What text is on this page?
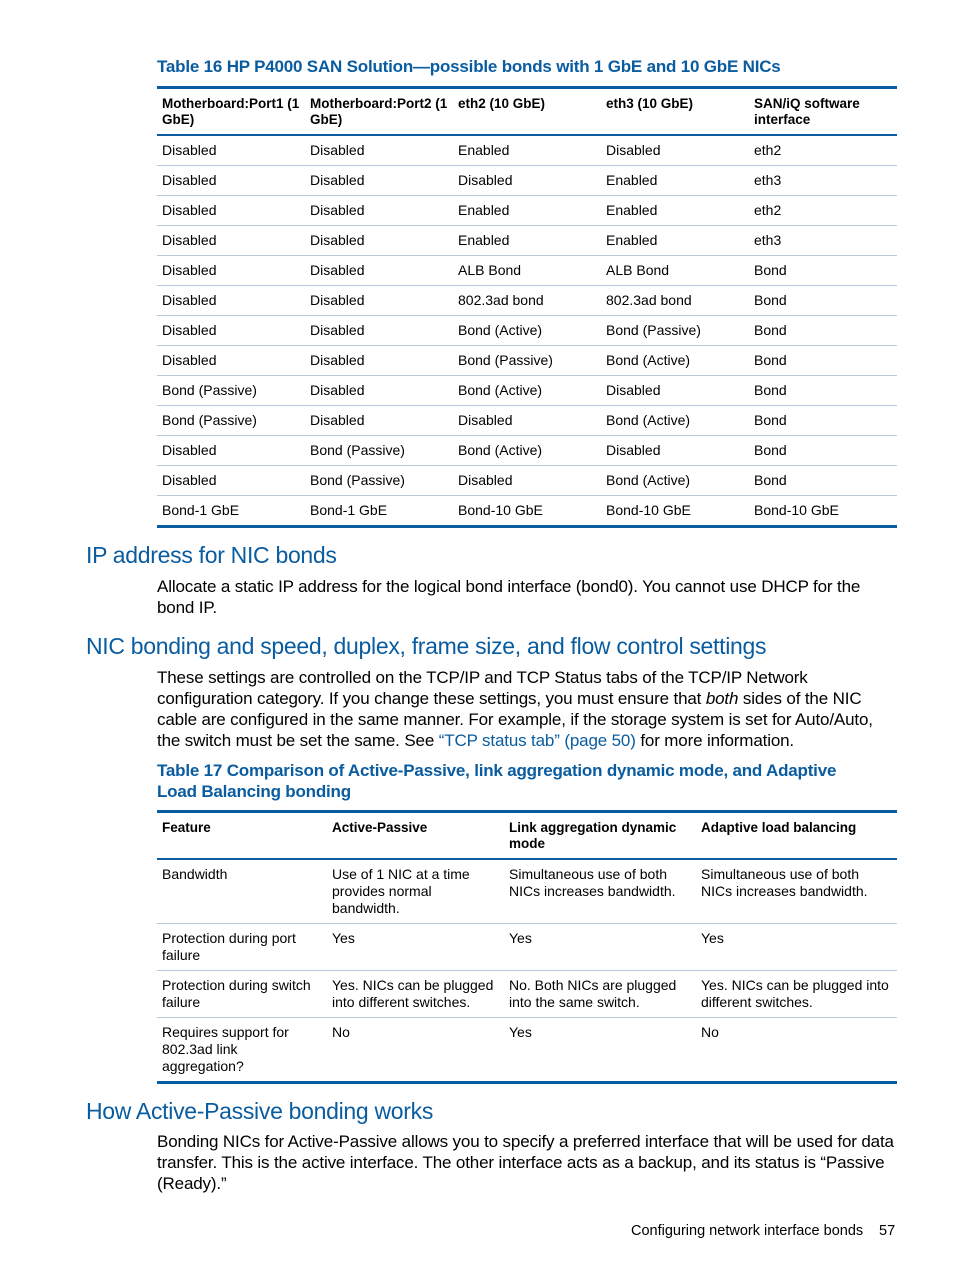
Table 16 HP P4000 SAN Solution—possible bonds with 1 GbE and 10 GbE NICs
Motherboard:Port1 (1 GbE)	Motherboard:Port2 (1 GbE)	eth2 (10 GbE)	eth3 (10 GbE)	SAN/iQ software interface
Disabled	Disabled	Enabled	Disabled	eth2
Disabled	Disabled	Disabled	Enabled	eth3
Disabled	Disabled	Enabled	Enabled	eth2
Disabled	Disabled	Enabled	Enabled	eth3
Disabled	Disabled	ALB Bond	ALB Bond	Bond
Disabled	Disabled	802.3ad bond	802.3ad bond	Bond
Disabled	Disabled	Bond (Active)	Bond (Passive)	Bond
Disabled	Disabled	Bond (Passive)	Bond (Active)	Bond
Bond (Passive)	Disabled	Bond (Active)	Disabled	Bond
Bond (Passive)	Disabled	Disabled	Bond (Active)	Bond
Disabled	Bond (Passive)	Bond (Active)	Disabled	Bond
Disabled	Bond (Passive)	Disabled	Bond (Active)	Bond
Bond-1 GbE	Bond-1 GbE	Bond-10 GbE	Bond-10 GbE	Bond-10 GbE
IP address for NIC bonds
Allocate a static IP address for the logical bond interface (bond0). You cannot use DHCP for the bond IP.
NIC bonding and speed, duplex, frame size, and flow control settings
These settings are controlled on the TCP/IP and TCP Status tabs of the TCP/IP Network configuration category. If you change these settings, you must ensure that both sides of the NIC cable are configured in the same manner. For example, if the storage system is set for Auto/Auto, the switch must be set the same. See “TCP status tab” (page 50) for more information.
Table 17 Comparison of Active-Passive, link aggregation dynamic mode, and Adaptive Load Balancing bonding
Feature	Active-Passive	Link aggregation dynamic mode	Adaptive load balancing
Bandwidth	Use of 1 NIC at a time provides normal bandwidth.	Simultaneous use of both NICs increases bandwidth.	Simultaneous use of both NICs increases bandwidth.
Protection during port failure	Yes	Yes	Yes
Protection during switch failure	Yes. NICs can be plugged into different switches.	No. Both NICs are plugged into the same switch.	Yes. NICs can be plugged into different switches.
Requires support for 802.3ad link aggregation?	No	Yes	No
How Active-Passive bonding works
Bonding NICs for Active-Passive allows you to specify a preferred interface that will be used for data transfer. This is the active interface. The other interface acts as a backup, and its status is “Passive (Ready).”
Configuring network interface bonds 57
